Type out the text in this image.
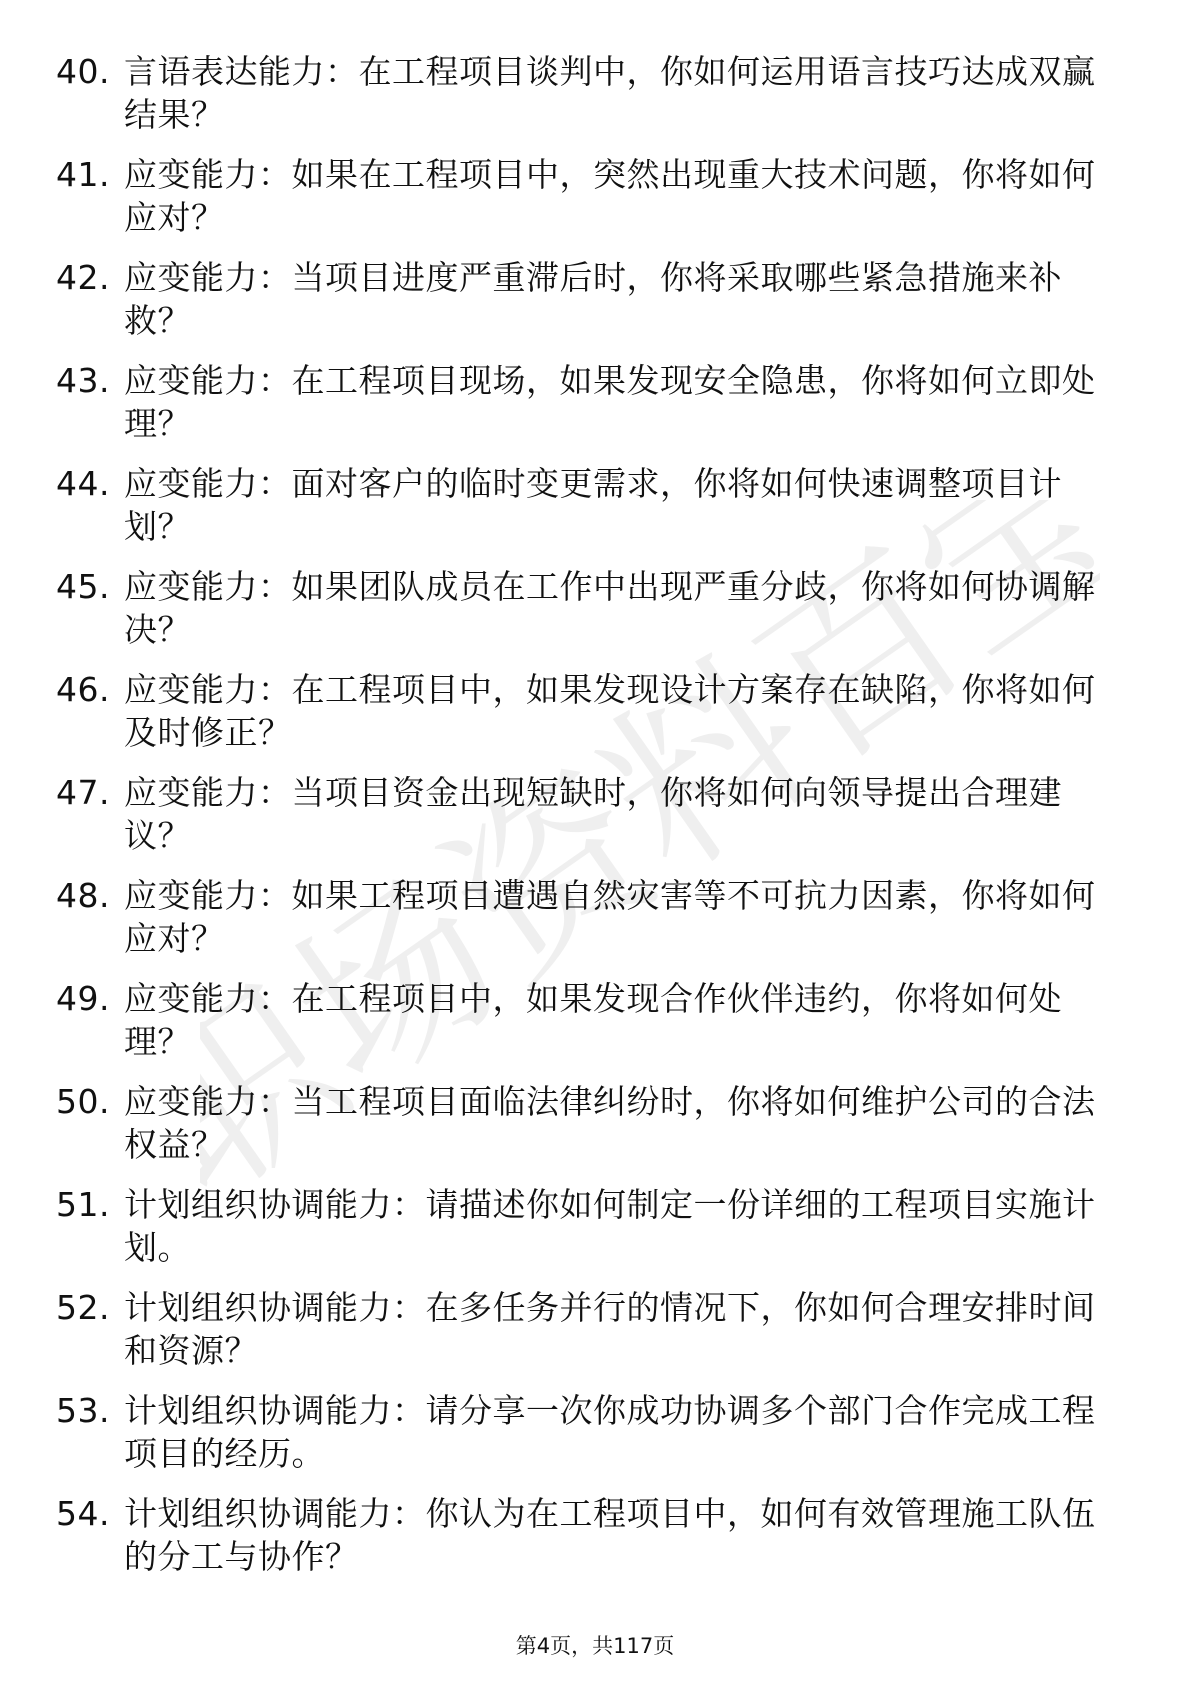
职场资料百宝
40. 言语表达能力：在工程项目谈判中，你如何运用语言技巧达成双赢结果？
41. 应变能力：如果在工程项目中，突然出现重大技术问题，你将如何应对？
42. 应变能力：当项目进度严重滞后时，你将采取哪些紧急措施来补救？
43. 应变能力：在工程项目现场，如果发现安全隐患，你将如何立即处理？
44. 应变能力：面对客户的临时变更需求，你将如何快速调整项目计划？
45. 应变能力：如果团队成员在工作中出现严重分歧，你将如何协调解决？
46. 应变能力：在工程项目中，如果发现设计方案存在缺陷，你将如何及时修正？
47. 应变能力：当项目资金出现短缺时，你将如何向领导提出合理建议？
48. 应变能力：如果工程项目遭遇自然灾害等不可抗力因素，你将如何应对？
49. 应变能力：在工程项目中，如果发现合作伙伴违约，你将如何处理？
50. 应变能力：当工程项目面临法律纠纷时，你将如何维护公司的合法权益？
51. 计划组织协调能力：请描述你如何制定一份详细的工程项目实施计划。
52. 计划组织协调能力：在多任务并行的情况下，你如何合理安排时间和资源？
53. 计划组织协调能力：请分享一次你成功协调多个部门合作完成工程项目的经历。
54. 计划组织协调能力：你认为在工程项目中，如何有效管理施工队伍的分工与协作？
第4页，共117页
